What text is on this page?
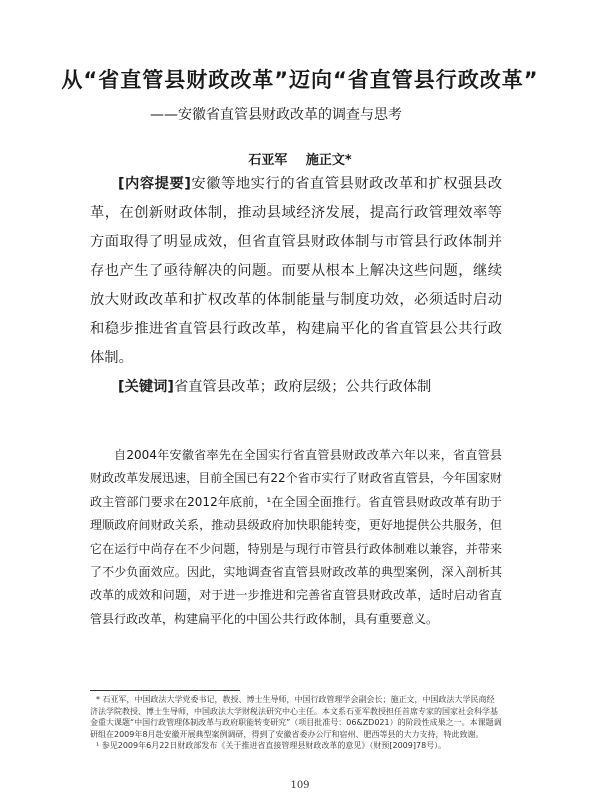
从“省直管县财政改革”迈向“省直管县行政改革”
——安徽省直管县财政改革的调查与思考
石亚军 施正文*

[内容提要]安徽等地实行的省直管县财政改革和扩权强县改革，在创新财政体制，推动县域经济发展，提高行政管理效率等方面取得了明显成效，但省直管县财政体制与市管县行政体制并存也产生了亟待解决的问题。而要从根本上解决这些问题，继续放大财政改革和扩权改革的体制能量与制度功效，必须适时启动和稳步推进省直管县行政改革，构建扁平化的省直管县公共行政体制。

[关键词]省直管县改革；政府层级；公共行政体制

自2004年安徽省率先在全国实行省直管县财政改革六年以来，省直管县财政改革发展迅速，目前全国已有22个省市实行了财政省直管县，今年国家财政主管部门要求在2012年底前，¹在全国全面推行。省直管县财政改革有助于理顺政府间财政关系，推动县级政府加快职能转变，更好地提供公共服务，但它在运行中尚存在不少问题，特别是与现行市管县行政体制难以兼容，并带来了不少负面效应。因此，实地调查省直管县财政改革的典型案例，深入剖析其改革的成效和问题，对于进一步推进和完善省直管县财政改革，适时启动省直管县行政改革，构建扁平化的中国公共行政体制，具有重要意义。

* 石亚军，中国政法大学党委书记，教授、博士生导师，中国行政管理学会副会长；施正文，中国政法大学民商经济法学院教授、博士生导师，中国政法大学财税法研究中心主任。本文系石亚军教授担任首席专家的国家社会科学基金重大课题“中国行政管理体制改革与政府职能转变研究”（项目批准号：06&ZD021）的阶段性成果之一。本课题调研组在2009年8月赴安徽开展典型案例调研，得到了安徽省委办公厅和宿州、肥西等县的大力支持，特此致谢。

¹ 参见2009年6月22日财政部发布《关于推进省直接管理县财政改革的意见》（财预[2009]78号）。

109
